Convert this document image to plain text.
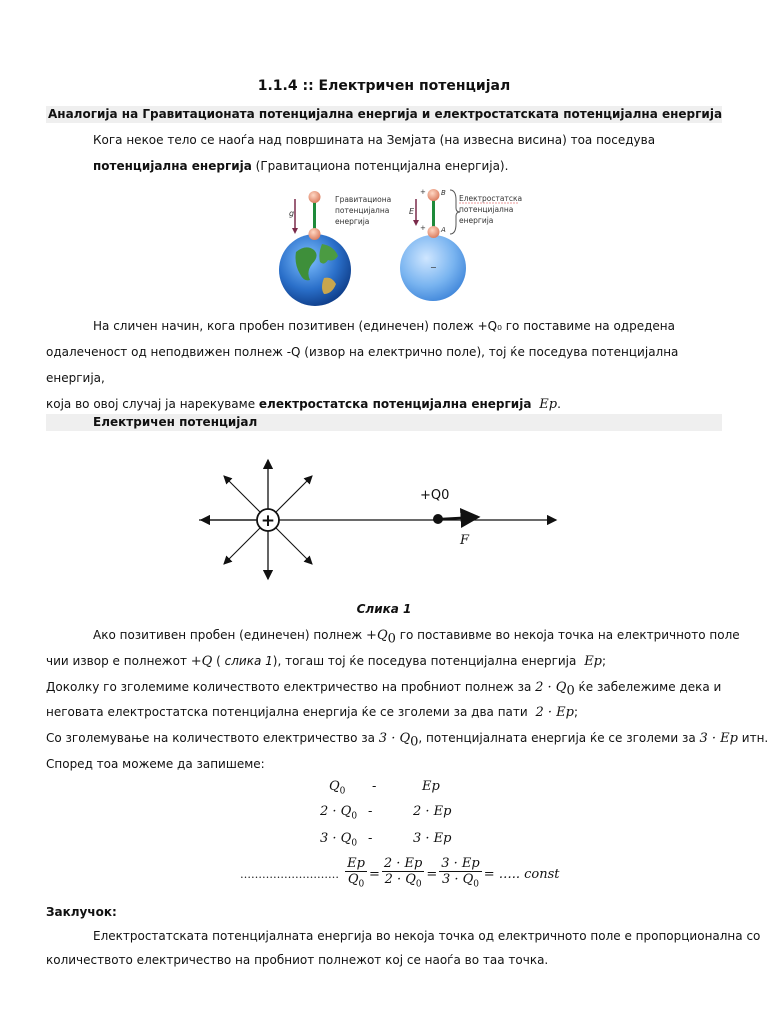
1.1.4 :: Електричен потенцијал
Аналогија на Гравитационата потенцијална енергија и електростатската потенцијална енергија
Кога некое тело се наоѓа над површината на Земјата (на извесна висина) тоа поседува потенцијална енергија (Гравитациона потенцијална енергија).
g
Гравитациона
потенцијална
енергија
−
+
+
B
A
E
Електростатска
потенцијална
енергија
На сличен начин, кога пробен позитивен (единечен) полеж +Q₀ го поставиме на одредена
одалеченост од неподвижен полнеж -Q (извор на електрично поле), тој ќе поседува потенцијална енергија,
која во овој случај ја нарекуваме електростатска потенцијална енергија Ep.
Електричен потенцијал
+
+Q0
F
Слика 1
Ако позитивен пробен (единечен) полнеж $+Q_0$ го поставивме во некоја точка на електричното поле
чии извор е полнежот +Q ( слика 1), тогаш тој ќе поседува потенцијална енергија Ep;
Доколку го зголемиме количеството електричество на пробниот полнеж за $2 \cdot Q_0$ ќе забележиме дека и
неговата електростатска потенцијална енергија ќе се зголеми за два пати 2 · Ep;
Со зголемување на количеството електричество за $3 \cdot Q_0$, потенцијалната енергија ќе се зголеми за 3 · Ep итн.
Според тоа можеме да запишеме:
$Q_0$ -	Ep
$2 \cdot Q_0$ -	2 · Ep
$3 \cdot Q_0$ -	3 · Ep
……………………… $\frac{Ep}{Q_0} = \frac{2 \cdot Ep}{2 \cdot Q_0} = \frac{3 \cdot Ep}{3 \cdot Q_0}$ = ….. const
Заклучок:
Електростатската потенцијалната енергија во некоја точка од електричното поле е пропорционална со
количеството електричество на пробниот полнежот кој се наоѓа во таа точка.
